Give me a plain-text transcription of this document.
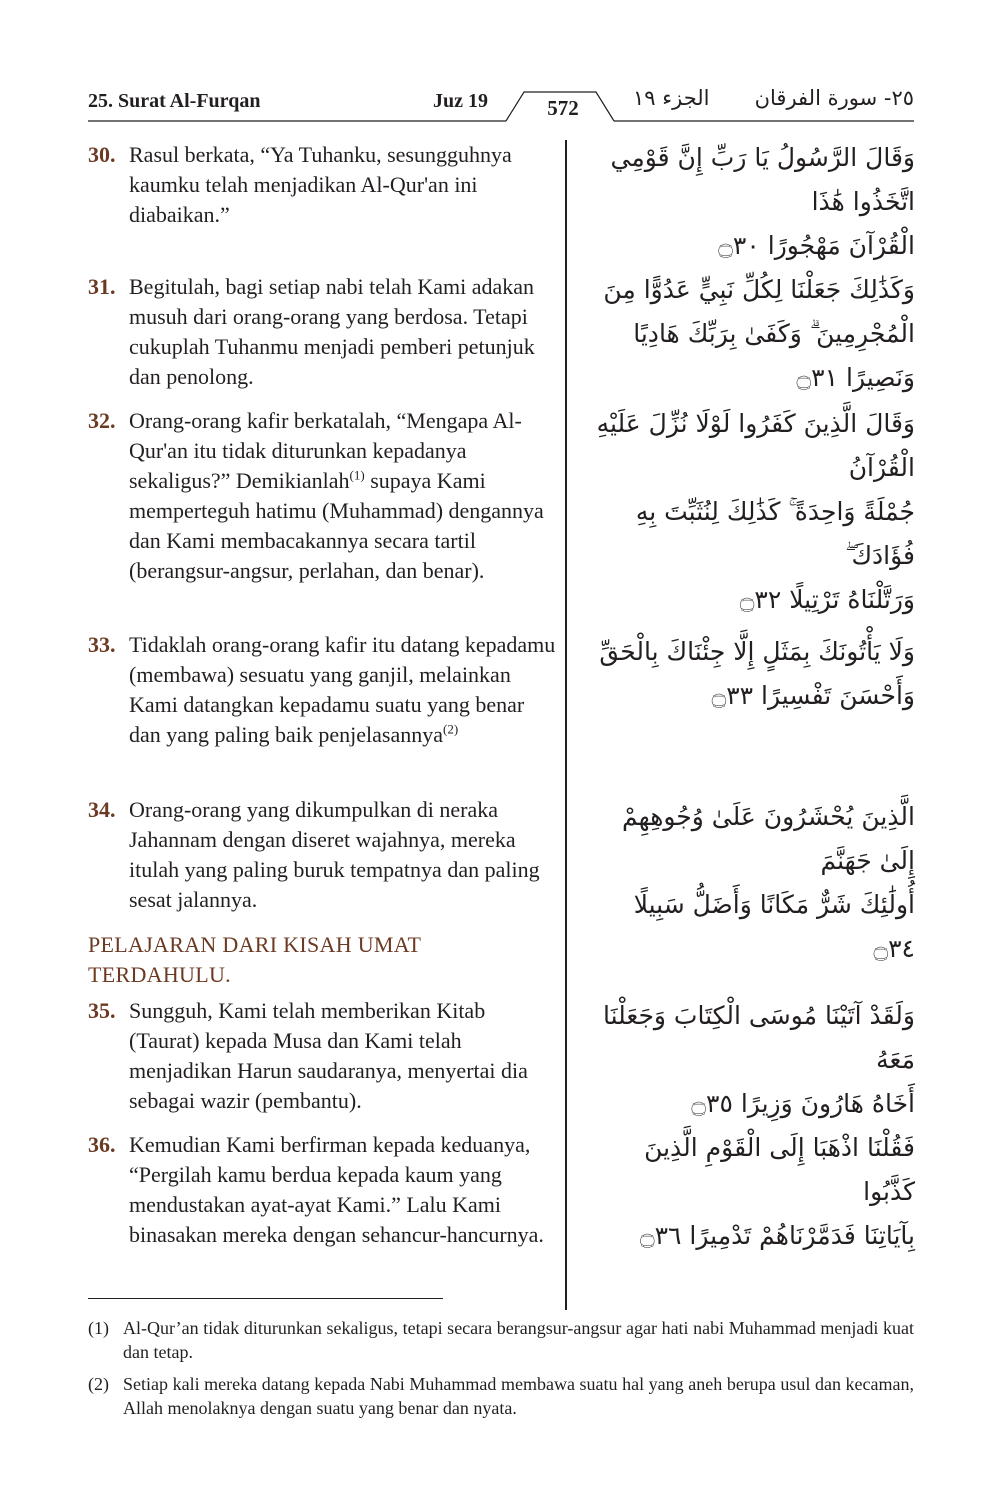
25. Surat Al-Furqan	Juz 19	572	الجزء ١٩ ٢٥- سورة الفرقان
30. Rasul berkata, “Ya Tuhanku, sesungguhnya kaumku telah menjadikan Al-Qur'an ini diabaikan.”
وَقَالَ الرَّسُولُ يَا رَبِّ إِنَّ قَوْمِي اتَّخَذُوا هَٰذَا
الْقُرْآنَ مَهْجُورًا ۝٣٠
31. Begitulah, bagi setiap nabi telah Kami adakan musuh dari orang-orang yang berdosa. Tetapi cukuplah Tuhanmu menjadi pemberi petunjuk dan penolong.
وَكَذَٰلِكَ جَعَلْنَا لِكُلِّ نَبِيٍّ عَدُوًّا مِنَ
الْمُجْرِمِينَ ۗ وَكَفَىٰ بِرَبِّكَ هَادِيًا وَنَصِيرًا ۝٣١
32. Orang-orang kafir berkatalah, “Mengapa Al-Qur'an itu tidak diturunkan kepadanya sekaligus?” Demikianlah$^{(1)}$ supaya Kami memperteguh hatimu (Muhammad) dengannya dan Kami membacakannya secara tartil (berangsur-angsur, perlahan, dan benar).
وَقَالَ الَّذِينَ كَفَرُوا لَوْلَا نُزِّلَ عَلَيْهِ الْقُرْآنُ
جُمْلَةً وَاحِدَةً ۚ كَذَٰلِكَ لِنُثَبِّتَ بِهِ فُؤَادَكَ ۖ
وَرَتَّلْنَاهُ تَرْتِيلًا ۝٣٢
33. Tidaklah orang-orang kafir itu datang kepadamu (membawa) sesuatu yang ganjil, melainkan Kami datangkan kepadamu suatu yang benar dan yang paling baik penjelasannya$^{(2)}$
وَلَا يَأْتُونَكَ بِمَثَلٍ إِلَّا جِئْنَاكَ بِالْحَقِّ
وَأَحْسَنَ تَفْسِيرًا ۝٣٣
34. Orang-orang yang dikumpulkan di neraka Jahannam dengan diseret wajahnya, mereka itulah yang paling buruk tempatnya dan paling sesat jalannya.
الَّذِينَ يُحْشَرُونَ عَلَىٰ وُجُوهِهِمْ إِلَىٰ جَهَنَّمَ
أُولَٰئِكَ شَرٌّ مَكَانًا وَأَضَلُّ سَبِيلًا ۝٣٤
PELAJARAN DARI KISAH UMAT TERDAHULU.
35. Sungguh, Kami telah memberikan Kitab (Taurat) kepada Musa dan Kami telah menjadikan Harun saudaranya, menyertai dia sebagai wazir (pembantu).
وَلَقَدْ آتَيْنَا مُوسَى الْكِتَابَ وَجَعَلْنَا مَعَهُ
أَخَاهُ هَارُونَ وَزِيرًا ۝٣٥
36. Kemudian Kami berfirman kepada keduanya, “Pergilah kamu berdua kepada kaum yang mendustakan ayat-ayat Kami.” Lalu Kami binasakan mereka dengan sehancur-hancurnya.
فَقُلْنَا اذْهَبَا إِلَى الْقَوْمِ الَّذِينَ كَذَّبُوا
بِآيَاتِنَا فَدَمَّرْنَاهُمْ تَدْمِيرًا ۝٣٦
(1) Al-Qur’an tidak diturunkan sekaligus, tetapi secara berangsur-angsur agar hati nabi Muhammad menjadi kuat dan tetap.
(2) Setiap kali mereka datang kepada Nabi Muhammad membawa suatu hal yang aneh berupa usul dan kecaman, Allah menolaknya dengan suatu yang benar dan nyata.
